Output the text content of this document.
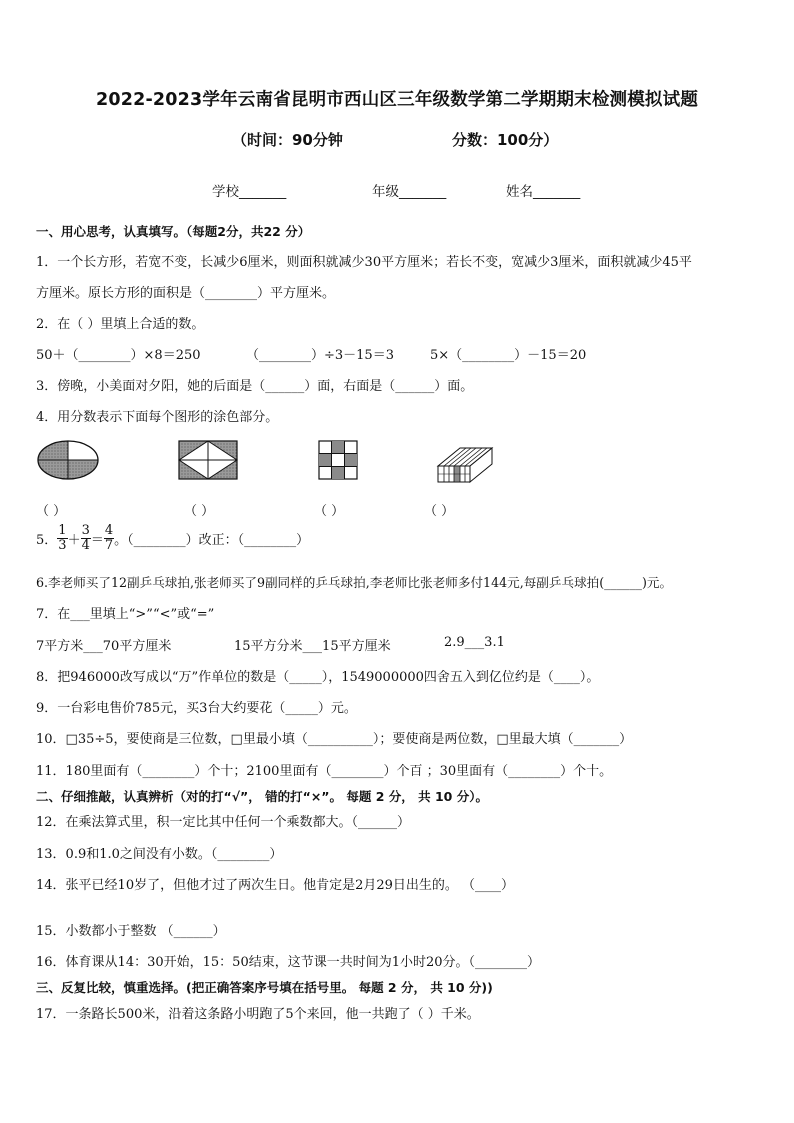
2022-2023学年云南省昆明市西山区三年级数学第二学期期末检测模拟试题
（时间：90分钟	分数：100分）
学校_______	年级_______	姓名_______
一、用心思考，认真填写。（每题2分，共22 分）
1．一个长方形，若宽不变，长减少6厘米，则面积就减少30平方厘米；若长不变，宽减少3厘米，面积就减少45平
方厘米。原长方形的面积是（________）平方厘米。
2．在（ ）里填上合适的数。
50＋（________）×8＝250	（________）÷3－15＝3	5×（________）－15＝20
3．傍晚，小美面对夕阳，她的后面是（______）面，右面是（______）面。
4．用分数表示下面每个图形的涂色部分。
（ ）	（ ）	（ ）	（ ）
5． $\frac{1}{3} + \frac{3}{4} = \frac{4}{7}$ 。（________）改正：（________）
6.李老师买了12副乒乓球拍,张老师买了9副同样的乒乓球拍,李老师比张老师多付144元,每副乒乓球拍(______)元。
7．在___里填上“>”“<”或“=”
7平方米___70平方厘米	15平方分米___15平方厘米	2.9___3.1
8．把946000改写成以“万”作单位的数是（_____），1549000000四舍五入到亿位约是（____）。
9．一台彩电售价785元，买3台大约要花（_____）元。
10．□35÷5，要使商是三位数，□里最小填（__________）；要使商是两位数，□里最大填（_______）
11．180里面有（________）个十；2100里面有（________）个百 ；30里面有（________）个十。
二、仔细推敲，认真辨析（对的打“√”， 错的打“×”。 每题 2 分， 共 10 分）。
12．在乘法算式里，积一定比其中任何一个乘数都大。（______）
13．0.9和1.0之间没有小数。（________）
14．张平已经10岁了，但他才过了两次生日。他肯定是2月29日出生的。 （____）
15．小数都小于整数 （______）
16．体育课从14：30开始，15：50结束，这节课一共时间为1小时20分。（________）
三、反复比较，慎重选择。(把正确答案序号填在括号里。 每题 2 分， 共 10 分))
17．一条路长500米，沿着这条路小明跑了5个来回，他一共跑了（ ）千米。
